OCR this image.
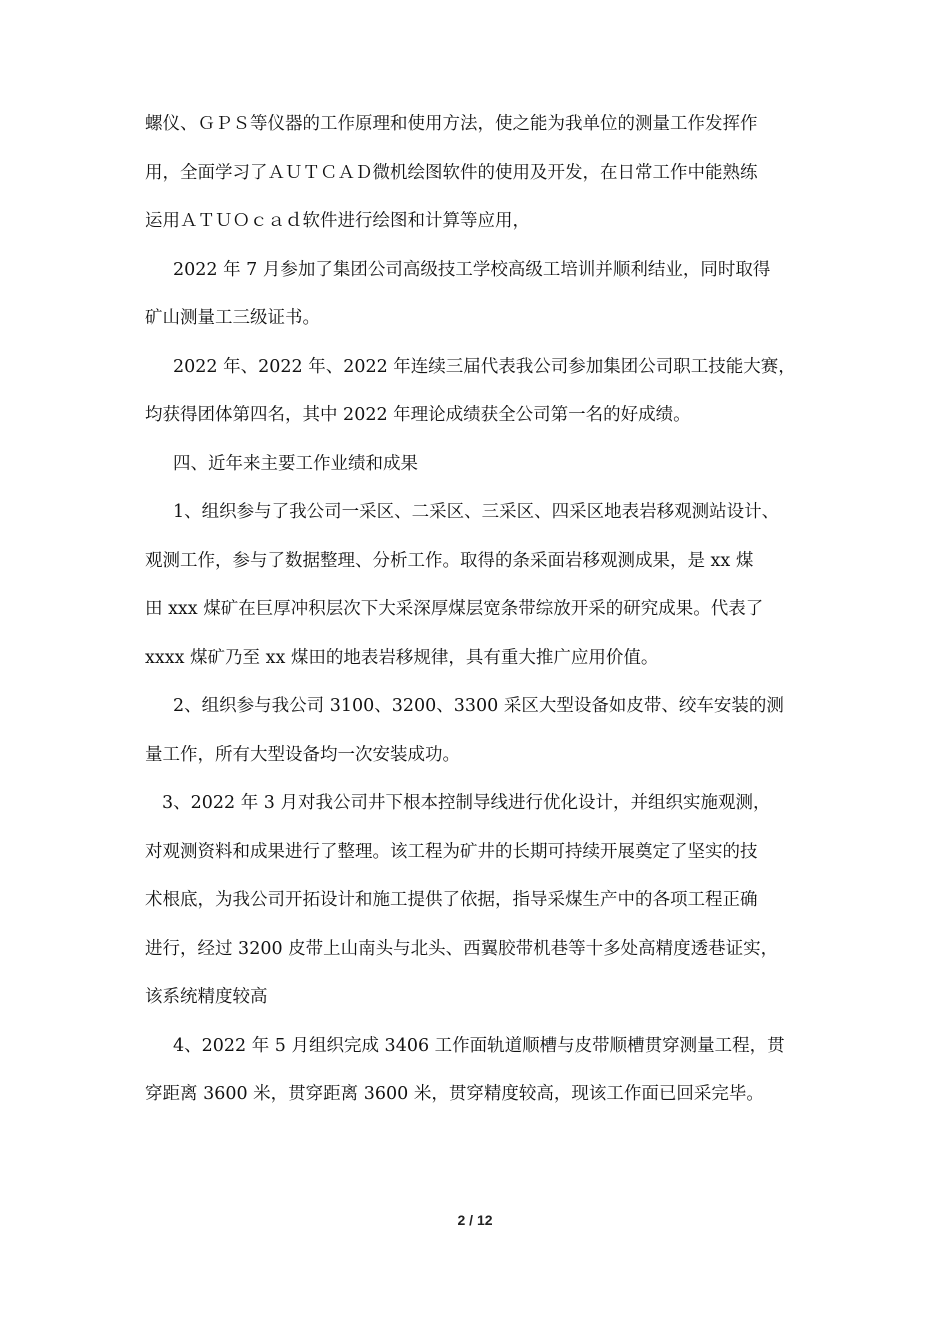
螺仪、ＧＰＳ等仪器的工作原理和使用方法，使之能为我单位的测量工作发挥作
用，全面学习了ＡＵＴＣＡＤ微机绘图软件的使用及开发，在日常工作中能熟练
运用ＡＴＵＯｃａｄ软件进行绘图和计算等应用，
2022 年 7 月参加了集团公司高级技工学校高级工培训并顺利结业，同时取得
矿山测量工三级证书。
2022 年、2022 年、2022 年连续三届代表我公司参加集团公司职工技能大赛，
均获得团体第四名，其中 2022 年理论成绩获全公司第一名的好成绩。
四、近年来主要工作业绩和成果
1、组织参与了我公司一采区、二采区、三采区、四采区地表岩移观测站设计、
观测工作，参与了数据整理、分析工作。取得的条采面岩移观测成果，是 xx 煤
田 xxx 煤矿在巨厚冲积层次下大采深厚煤层宽条带综放开采的研究成果。代表了
xxxx 煤矿乃至 xx 煤田的地表岩移规律，具有重大推广应用价值。
2、组织参与我公司 3100、3200、3300 采区大型设备如皮带、绞车安装的测
量工作，所有大型设备均一次安装成功。
3、2022 年 3 月对我公司井下根本控制导线进行优化设计，并组织实施观测，
对观测资料和成果进行了整理。该工程为矿井的长期可持续开展奠定了坚实的技
术根底，为我公司开拓设计和施工提供了依据，指导采煤生产中的各项工程正确
进行，经过 3200 皮带上山南头与北头、西翼胶带机巷等十多处高精度透巷证实，
该系统精度较高
4、2022 年 5 月组织完成 3406 工作面轨道顺槽与皮带顺槽贯穿测量工程，贯
穿距离 3600 米，贯穿距离 3600 米，贯穿精度较高，现该工作面已回采完毕。
2 / 12
